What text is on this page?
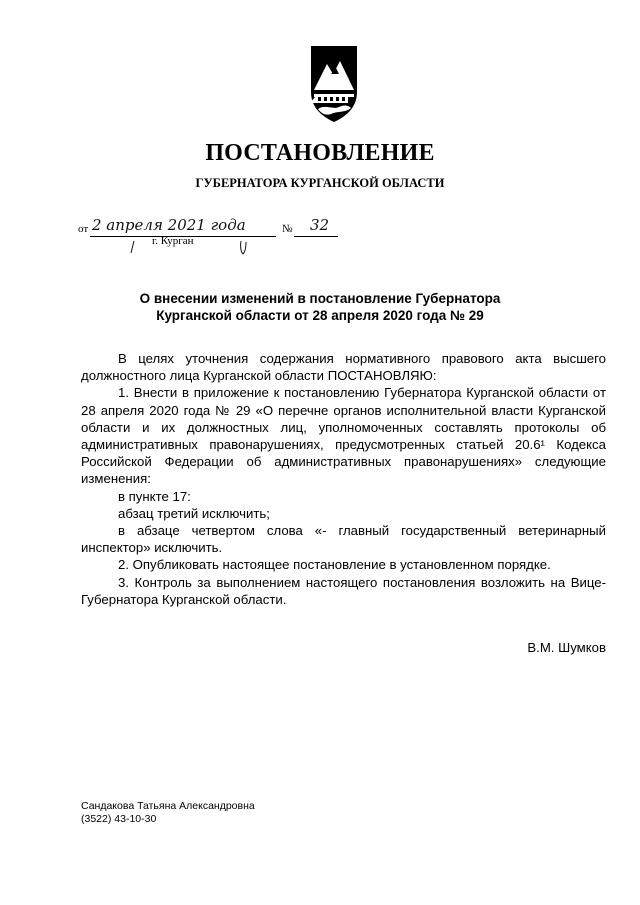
ПОСТАНОВЛЕНИЕ
ГУБЕРНАТОРА КУРГАНСКОЙ ОБЛАСТИ
от 2 апреля 2021 года	№ 32
г. Курган
О внесении изменений в постановление Губернатора
Курганской области от 28 апреля 2020 года № 29

В целях уточнения содержания нормативного правового акта высшего должностного лица Курганской области ПОСТАНОВЛЯЮ:

1. Внести в приложение к постановлению Губернатора Курганской области от 28 апреля 2020 года № 29 «О перечне органов исполнительной власти Курганской области и их должностных лиц, уполномоченных составлять протоколы об административных правонарушениях, предусмотренных статьей 20.6¹ Кодекса Российской Федерации об административных правонарушениях» следующие изменения:

в пункте 17:

абзац третий исключить;

в абзаце четвертом слова «- главный государственный ветеринарный инспектор» исключить.

2. Опубликовать настоящее постановление в установленном порядке.

3. Контроль за выполнением настоящего постановления возложить на Вице-Губернатора Курганской области.

В.М. Шумков
Сандакова Татьяна Александровна
(3522) 43-10-30
